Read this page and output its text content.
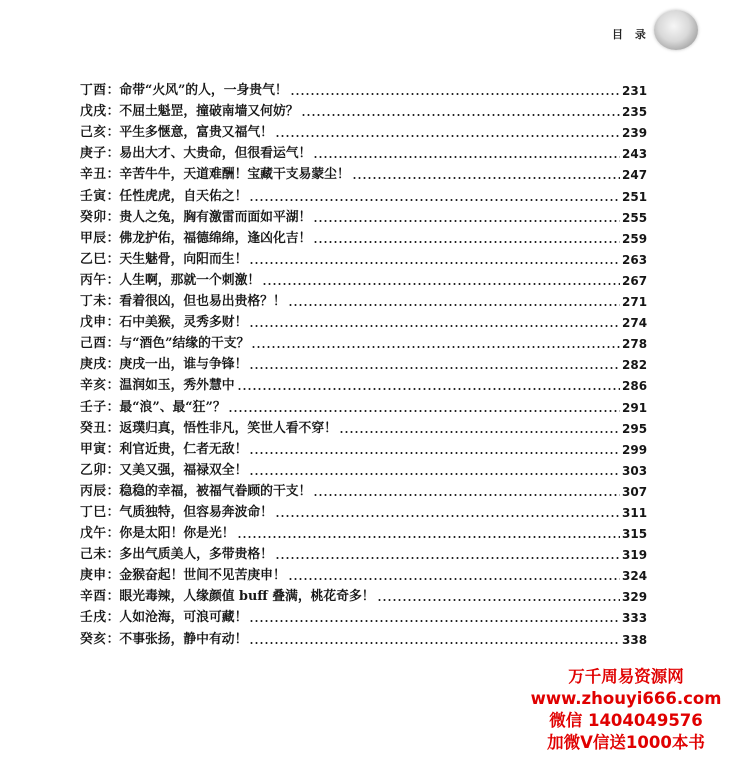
目 录
丁酉 ： 命带“火风”的人，一身贵气！	231
戊戌 ： 不屈土魁罡，撞破南墙又何妨？	235
己亥 ： 平生多惬意，富贵又福气！	239
庚子 ： 易出大才、大贵命，但很看运气！	243
辛丑 ： 辛苦牛牛，天道难酬！宝藏干支易蒙尘！	247
壬寅 ： 任性虎虎，自天佑之！	251
癸卯 ： 贵人之兔，胸有激雷而面如平湖！	255
甲辰 ： 佛龙护佑，福德绵绵，逢凶化吉！	259
乙巳 ： 天生魅骨，向阳而生！	263
丙午 ： 人生啊，那就一个刺激！	267
丁未 ： 看着很凶，但也易出贵格？！	271
戊申 ： 石中美猴，灵秀多财！	274
己酉 ： 与“酒色”结缘的干支？	278
庚戌 ： 庚戌一出，谁与争锋！	282
辛亥 ： 温润如玉，秀外慧中	286
壬子 ： 最“浪”、最“狂”？	291
癸丑 ： 返璞归真，悟性非凡，笑世人看不穿！	295
甲寅 ： 利官近贵，仁者无敌！	299
乙卯 ： 又美又强，福禄双全！	303
丙辰 ： 稳稳的幸福，被福气眷顾的干支！	307
丁巳 ： 气质独特，但容易奔波命！	311
戊午 ： 你是太阳！你是光！	315
己未 ： 多出气质美人，多带贵格！	319
庚申 ： 金猴奋起！世间不见苦庚申！	324
辛酉 ： 眼光毒辣，人缘颜值 buff 叠满，桃花奇多！	329
壬戌 ： 人如沧海，可浪可藏！	333
癸亥 ： 不事张扬，静中有动！	338
万千周易资源网
www.zhouyi666.com
微信 1404049576
加微V信送1000本书
